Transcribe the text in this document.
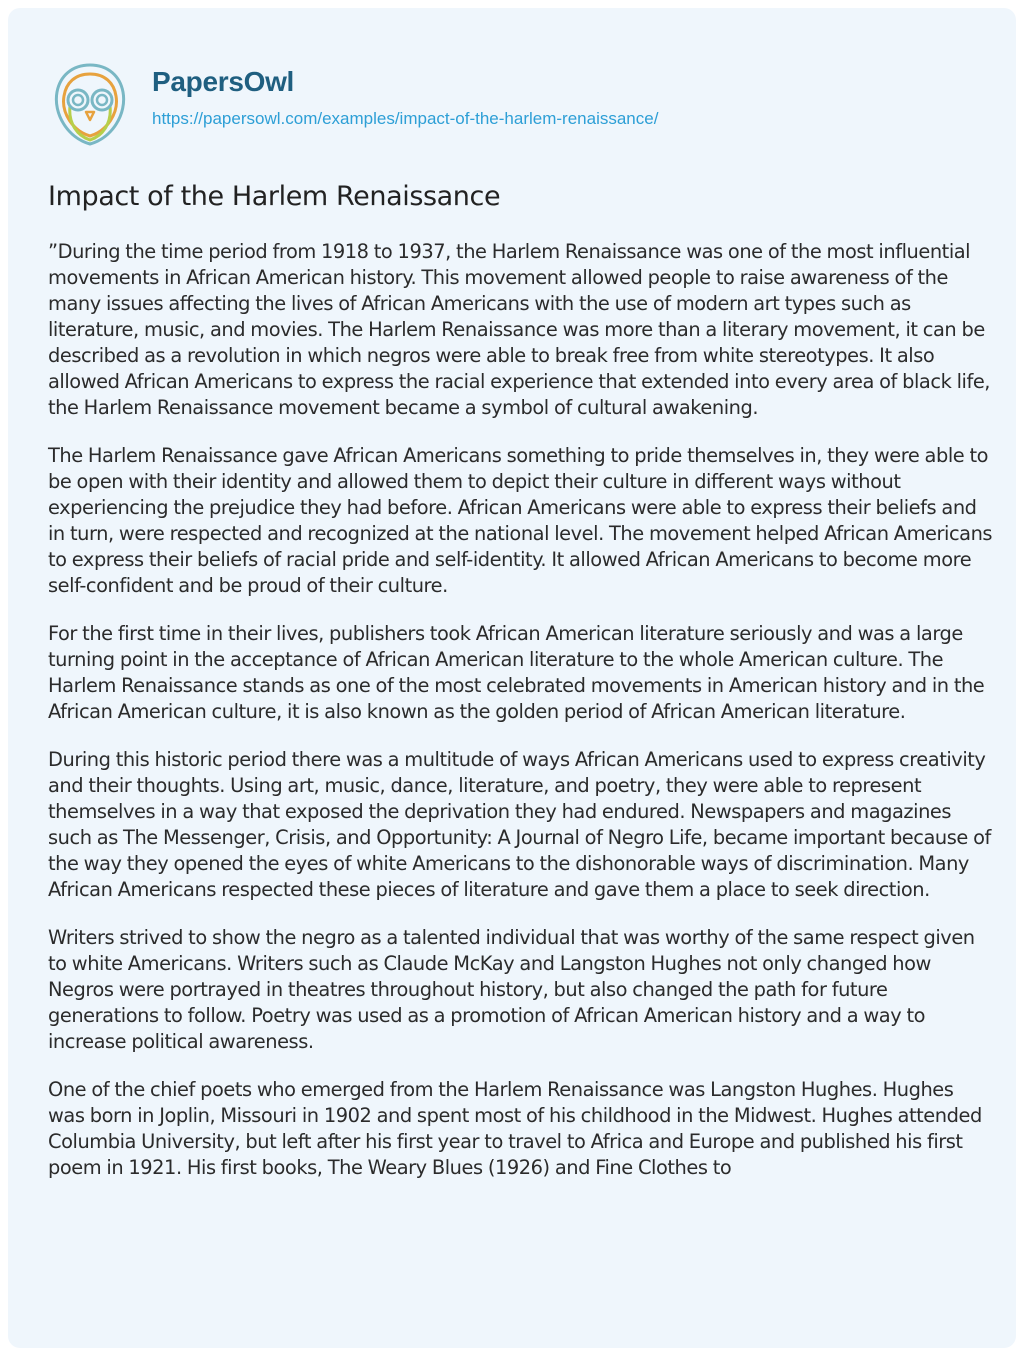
PapersOwl
https://papersowl.com/examples/impact-of-the-harlem-renaissance/
Impact of the Harlem Renaissance

”During the time period from 1918 to 1937, the Harlem Renaissance was one of the most influential movements in African American history. This movement allowed people to raise awareness of the many issues affecting the lives of African Americans with the use of modern art types such as literature, music, and movies. The Harlem Renaissance was more than a literary movement, it can be described as a revolution in which negros were able to break free from white stereotypes. It also allowed African Americans to express the racial experience that extended into every area of black life, the Harlem Renaissance movement became a symbol of cultural awakening.

The Harlem Renaissance gave African Americans something to pride themselves in, they were able to be open with their identity and allowed them to depict their culture in different ways without experiencing the prejudice they had before. African Americans were able to express their beliefs and in turn, were respected and recognized at the national level. The movement helped African Americans to express their beliefs of racial pride and self-identity. It allowed African Americans to become more self-confident and be proud of their culture.

For the first time in their lives, publishers took African American literature seriously and was a large turning point in the acceptance of African American literature to the whole American culture. The Harlem Renaissance stands as one of the most celebrated movements in American history and in the African American culture, it is also known as the golden period of African American literature.

During this historic period there was a multitude of ways African Americans used to express creativity and their thoughts. Using art, music, dance, literature, and poetry, they were able to represent themselves in a way that exposed the deprivation they had endured. Newspapers and magazines such as The Messenger, Crisis, and Opportunity: A Journal of Negro Life, became important because of the way they opened the eyes of white Americans to the dishonorable ways of discrimination. Many African Americans respected these pieces of literature and gave them a place to seek direction.

Writers strived to show the negro as a talented individual that was worthy of the same respect given to white Americans. Writers such as Claude McKay and Langston Hughes not only changed how Negros were portrayed in theatres throughout history, but also changed the path for future generations to follow. Poetry was used as a promotion of African American history and a way to increase political awareness.

One of the chief poets who emerged from the Harlem Renaissance was Langston Hughes. Hughes was born in Joplin, Missouri in 1902 and spent most of his childhood in the Midwest. Hughes attended Columbia University, but left after his first year to travel to Africa and Europe and published his first poem in 1921. His first books, The Weary Blues (1926) and Fine Clothes to
